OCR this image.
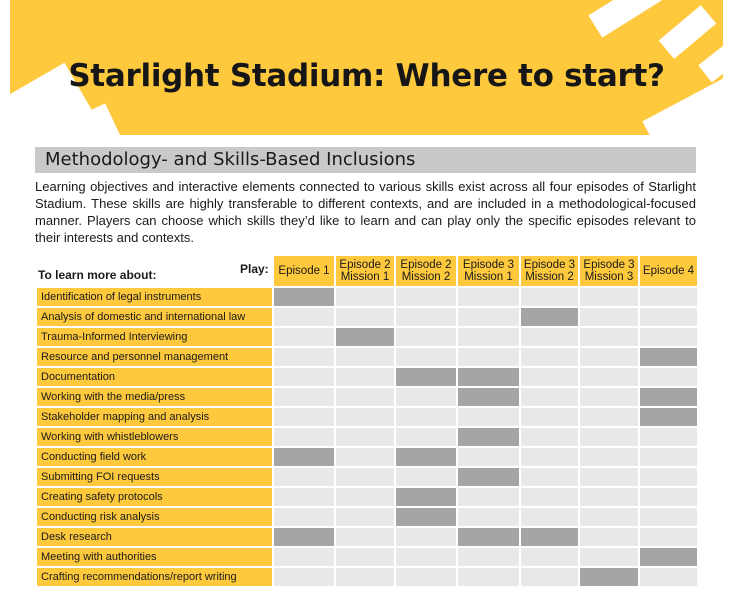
Starlight Stadium: Where to start?
Methodology- and Skills-Based Inclusions

Learning objectives and interactive elements connected to various skills exist across all four episodes of Starlight Stadium. These skills are highly transferable to different contexts, and are included in a methodological-focused manner. Players can choose which skills they’d like to learn and can play only the specific episodes relevant to their interests and contexts.

To learn more about:	Play: Episode 1 Episode 2
Mission 1
Episode 2
Mission 2
Episode 3
Mission 1
Episode 3
Mission 2
Episode 3
Mission 3 Episode 4
Identification of legal instruments
Analysis of domestic and international law
Trauma-Informed Interviewing
Resource and personnel management
Documentation
Working with the media/press
Stakeholder mapping and analysis
Working with whistleblowers
Conducting field work
Submitting FOI requests
Creating safety protocols
Conducting risk analysis
Desk research
Meeting with authorities
Crafting recommendations/report writing
